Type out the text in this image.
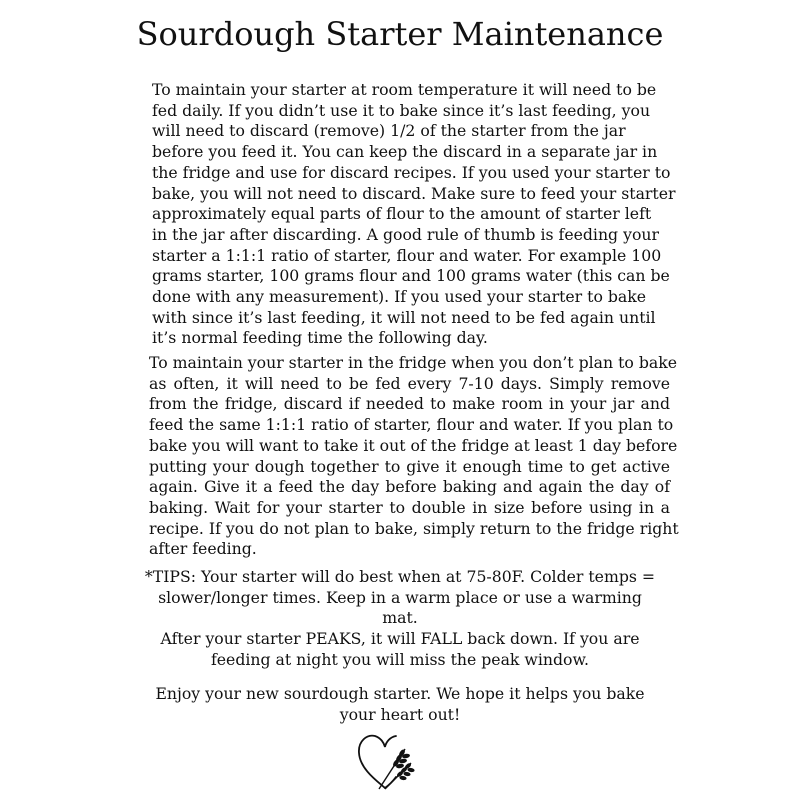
Sourdough Starter Maintenance
To maintain your starter at room temperature it will need to be
fed daily. If you didn’t use it to bake since it’s last feeding, you
will need to discard (remove) 1/2 of the starter from the jar
before you feed it. You can keep the discard in a separate jar in
the fridge and use for discard recipes. If you used your starter to
bake, you will not need to discard. Make sure to feed your starter
approximately equal parts of flour to the amount of starter left
in the jar after discarding. A good rule of thumb is feeding your
starter a 1:1:1 ratio of starter, flour and water. For example 100
grams starter, 100 grams flour and 100 grams water (this can be
done with any measurement). If you used your starter to bake
with since it’s last feeding, it will not need to be fed again until
it’s normal feeding time the following day.
To maintain your starter in the fridge when you don’t plan to bake
as often, it will need to be fed every 7-10 days. Simply remove
from the fridge, discard if needed to make room in your jar and
feed the same 1:1:1 ratio of starter, flour and water. If you plan to
bake you will want to take it out of the fridge at least 1 day before
putting your dough together to give it enough time to get active
again. Give it a feed the day before baking and again the day of
baking. Wait for your starter to double in size before using in a
recipe. If you do not plan to bake, simply return to the fridge right
after feeding.
*TIPS: Your starter will do best when at 75-80F. Colder temps =
slower/longer times. Keep in a warm place or use a warming
mat.
After your starter PEAKS, it will FALL back down. If you are
feeding at night you will miss the peak window.
Enjoy your new sourdough starter. We hope it helps you bake
your heart out!
